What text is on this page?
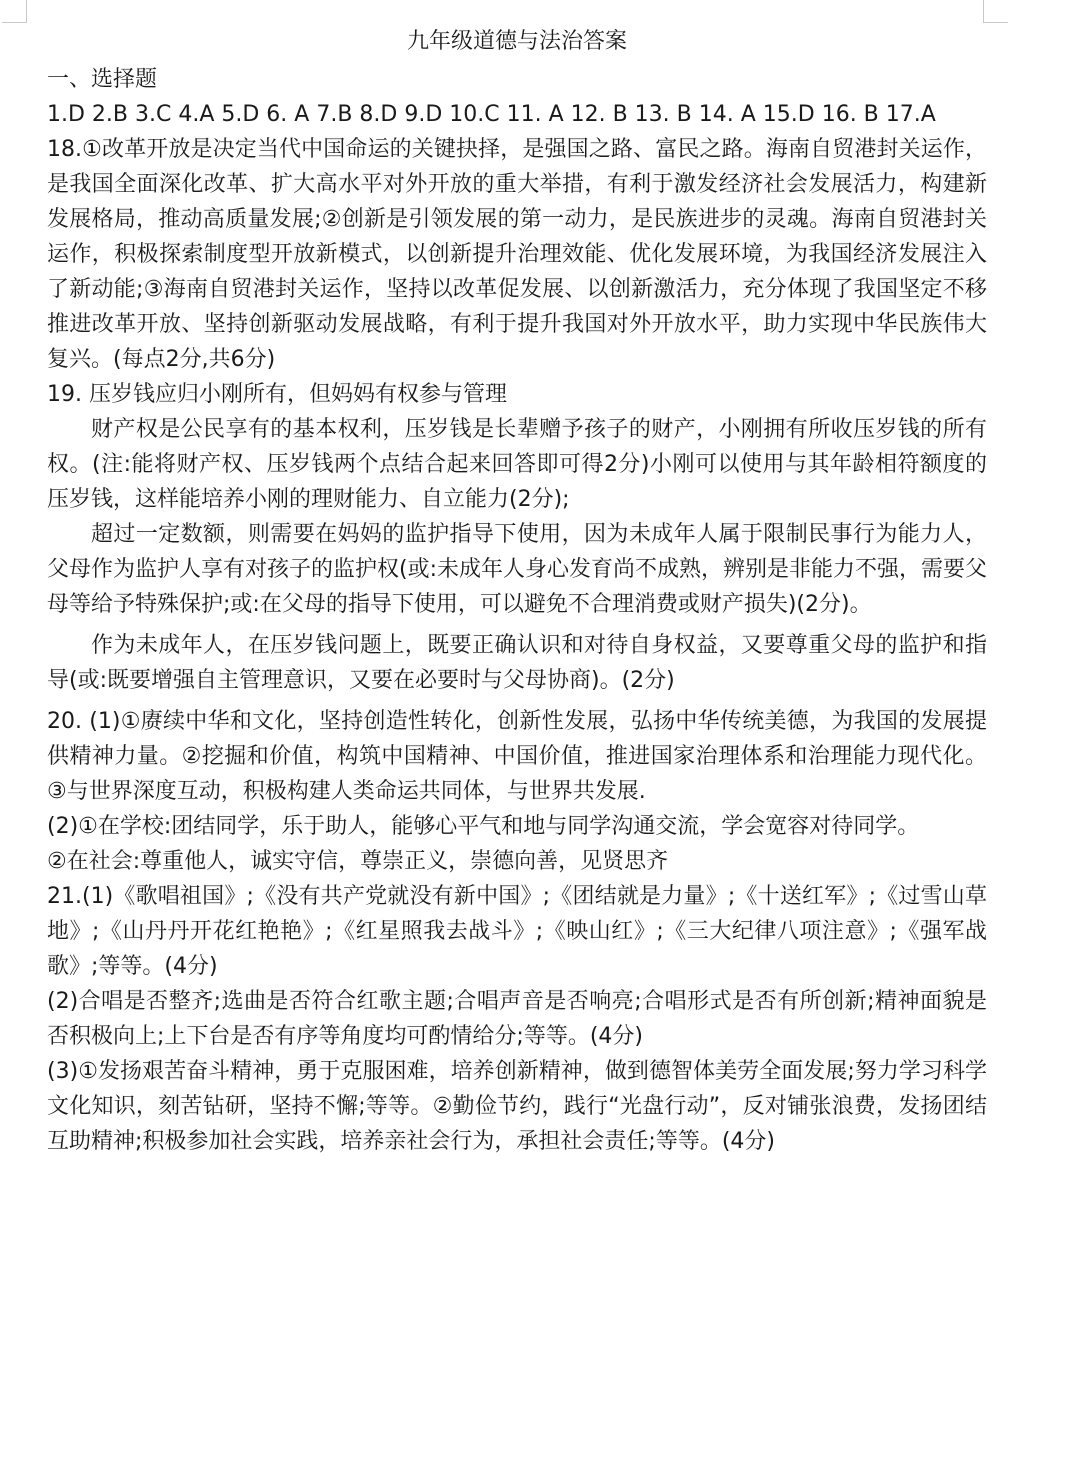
九年级道德与法治答案

一、选择题

1.D 2.B 3.C 4.A 5.D 6. A 7.B 8.D 9.D 10.C 11. A 12. B 13. B 14. A 15.D 16. B 17.A

18.①改革开放是决定当代中国命运的关键抉择，是强国之路、富民之路。海南自贸港封关运作，是我国全面深化改革、扩大高水平对外开放的重大举措，有利于激发经济社会发展活力，构建新发展格局，推动高质量发展;②创新是引领发展的第一动力，是民族进步的灵魂。海南自贸港封关运作，积极探索制度型开放新模式，以创新提升治理效能、优化发展环境，为我国经济发展注入了新动能;③海南自贸港封关运作，坚持以改革促发展、以创新激活力，充分体现了我国坚定不移推进改革开放、坚持创新驱动发展战略，有利于提升我国对外开放水平，助力实现中华民族伟大复兴。(每点2分,共6分)

19. 压岁钱应归小刚所有，但妈妈有权参与管理

财产权是公民享有的基本权利，压岁钱是长辈赠予孩子的财产，小刚拥有所收压岁钱的所有权。(注:能将财产权、压岁钱两个点结合起来回答即可得2分)小刚可以使用与其年龄相符额度的压岁钱，这样能培养小刚的理财能力、自立能力(2分);

超过一定数额，则需要在妈妈的监护指导下使用，因为未成年人属于限制民事行为能力人，父母作为监护人享有对孩子的监护权(或:未成年人身心发育尚不成熟，辨别是非能力不强，需要父母等给予特殊保护;或:在父母的指导下使用，可以避免不合理消费或财产损失)(2分)。

作为未成年人，在压岁钱问题上，既要正确认识和对待自身权益，又要尊重父母的监护和指导(或:既要增强自主管理意识，又要在必要时与父母协商)。(2分)

20. (1)①赓续中华和文化，坚持创造性转化，创新性发展，弘扬中华传统美德，为我国的发展提供精神力量。②挖掘和价值，构筑中国精神、中国价值，推进国家治理体系和治理能力现代化。③与世界深度互动，积极构建人类命运共同体，与世界共发展.

(2)①在学校:团结同学，乐于助人，能够心平气和地与同学沟通交流，学会宽容对待同学。

②在社会:尊重他人，诚实守信，尊崇正义，崇德向善，见贤思齐

21.(1)《歌唱祖国》;《没有共产党就没有新中国》;《团结就是力量》;《十送红军》;《过雪山草地》;《山丹丹开花红艳艳》;《红星照我去战斗》;《映山红》;《三大纪律八项注意》;《强军战歌》;等等。(4分)

(2)合唱是否整齐;选曲是否符合红歌主题;合唱声音是否响亮;合唱形式是否有所创新;精神面貌是否积极向上;上下台是否有序等角度均可酌情给分;等等。(4分)

(3)①发扬艰苦奋斗精神，勇于克服困难，培养创新精神，做到德智体美劳全面发展;努力学习科学文化知识，刻苦钻研，坚持不懈;等等。②勤俭节约，践行“光盘行动”，反对铺张浪费，发扬团结互助精神;积极参加社会实践，培养亲社会行为，承担社会责任;等等。(4分)
